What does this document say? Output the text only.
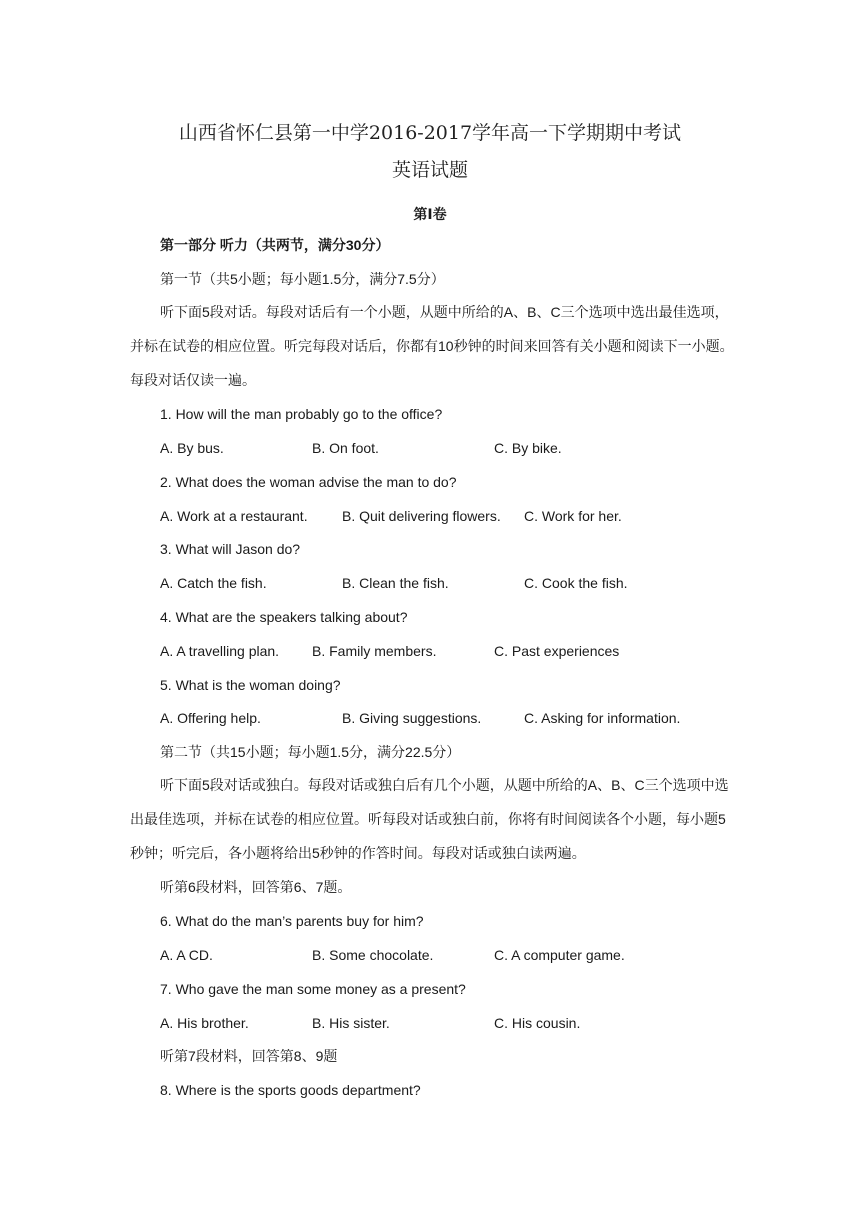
山西省怀仁县第一中学2016-2017学年高一下学期期中考试
英语试题
第Ⅰ卷
第一部分 听力（共两节，满分30分）
第一节（共5小题；每小题1.5分，满分7.5分）
听下面5段对话。每段对话后有一个小题，从题中所给的A、B、C三个选项中选出最佳选项，并标在试卷的相应位置。听完每段对话后，你都有10秒钟的时间来回答有关小题和阅读下一小题。每段对话仅读一遍。
1. How will the man probably go to the office?
A. By bus.	B. On foot.	C. By bike.
2. What does the woman advise the man to do?
A. Work at a restaurant. B. Quit delivering flowers. C. Work for her.
3. What will Jason do?
A. Catch the fish.	B. Clean the fish.	C. Cook the fish.
4. What are the speakers talking about?
A. A travelling plan. B. Family members.	C. Past experiences
5. What is the woman doing?
A. Offering help.	B. Giving suggestions.	C. Asking for information.
第二节（共15小题；每小题1.5分，满分22.5分）
听下面5段对话或独白。每段对话或独白后有几个小题，从题中所给的A、B、C三个选项中选出最佳选项，并标在试卷的相应位置。听每段对话或独白前，你将有时间阅读各个小题，每小题5秒钟；听完后，各小题将给出5秒钟的作答时间。每段对话或独白读两遍。
听第6段材料，回答第6、7题。
6. What do the man’s parents buy for him?
A. A CD.	B. Some chocolate.	C. A computer game.
7. Who gave the man some money as a present?
A. His brother.	B. His sister.	C. His cousin.
听第7段材料，回答第8、9题
8. Where is the sports goods department?
